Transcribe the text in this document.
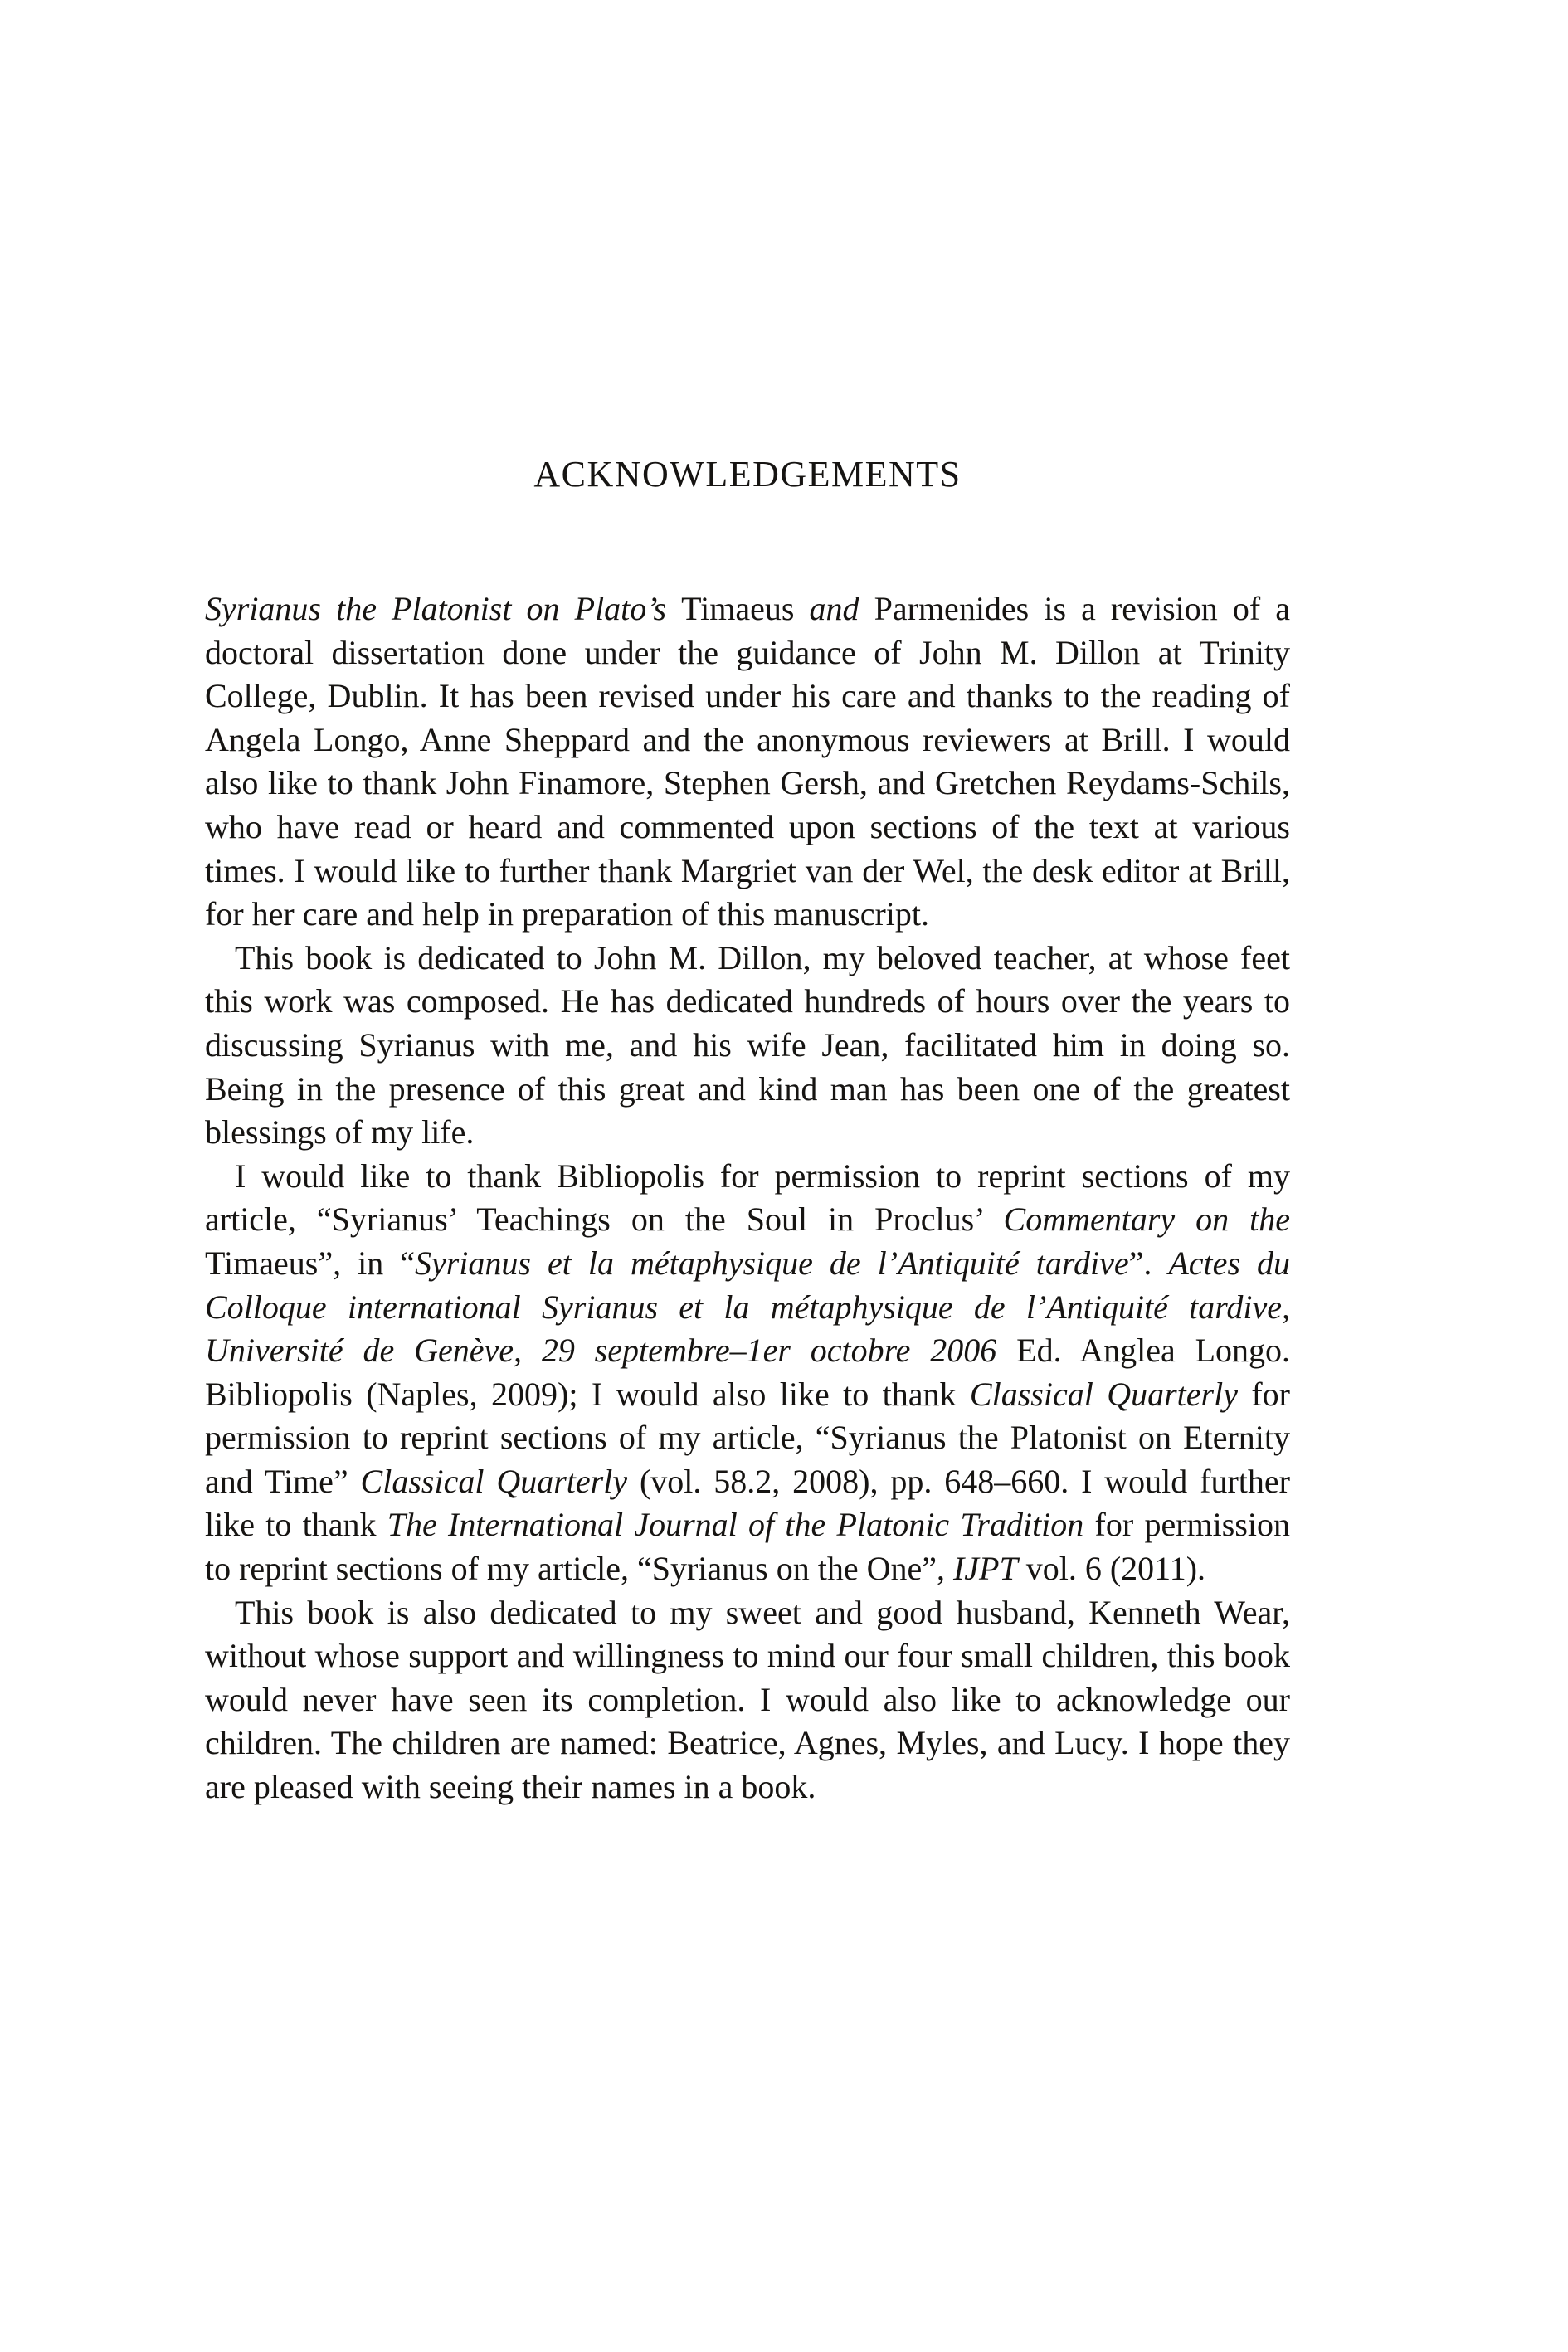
ACKNOWLEDGEMENTS

Syrianus the Platonist on Plato’s Timaeus and Parmenides is a revision of a doctoral dissertation done under the guidance of John M. Dillon at Trinity College, Dublin. It has been revised under his care and thanks to the reading of Angela Longo, Anne Sheppard and the anonymous reviewers at Brill. I would also like to thank John Finamore, Stephen Gersh, and Gretchen Reydams-Schils, who have read or heard and commented upon sections of the text at various times. I would like to further thank Margriet van der Wel, the desk editor at Brill, for her care and help in preparation of this manuscript.

This book is dedicated to John M. Dillon, my beloved teacher, at whose feet this work was composed. He has dedicated hundreds of hours over the years to discussing Syrianus with me, and his wife Jean, facilitated him in doing so. Being in the presence of this great and kind man has been one of the greatest blessings of my life.

I would like to thank Bibliopolis for permission to reprint sections of my article, “Syrianus’ Teachings on the Soul in Proclus’ Commentary on the Timaeus”, in “Syrianus et la métaphysique de l’Antiquité tardive”. Actes du Colloque international Syrianus et la métaphysique de l’Antiquité tardive, Université de Genève, 29 septembre–1er octobre 2006 Ed. Anglea Longo. Bibliopolis (Naples, 2009); I would also like to thank Classical Quarterly for permission to reprint sections of my article, “Syrianus the Platonist on Eternity and Time” Classical Quarterly (vol. 58.2, 2008), pp. 648–660. I would further like to thank The International Journal of the Platonic Tradition for permission to reprint sections of my article, “Syrianus on the One”, IJPT vol. 6 (2011).

This book is also dedicated to my sweet and good husband, Kenneth Wear, without whose support and willingness to mind our four small children, this book would never have seen its completion. I would also like to acknowledge our children. The children are named: Beatrice, Agnes, Myles, and Lucy. I hope they are pleased with seeing their names in a book.
